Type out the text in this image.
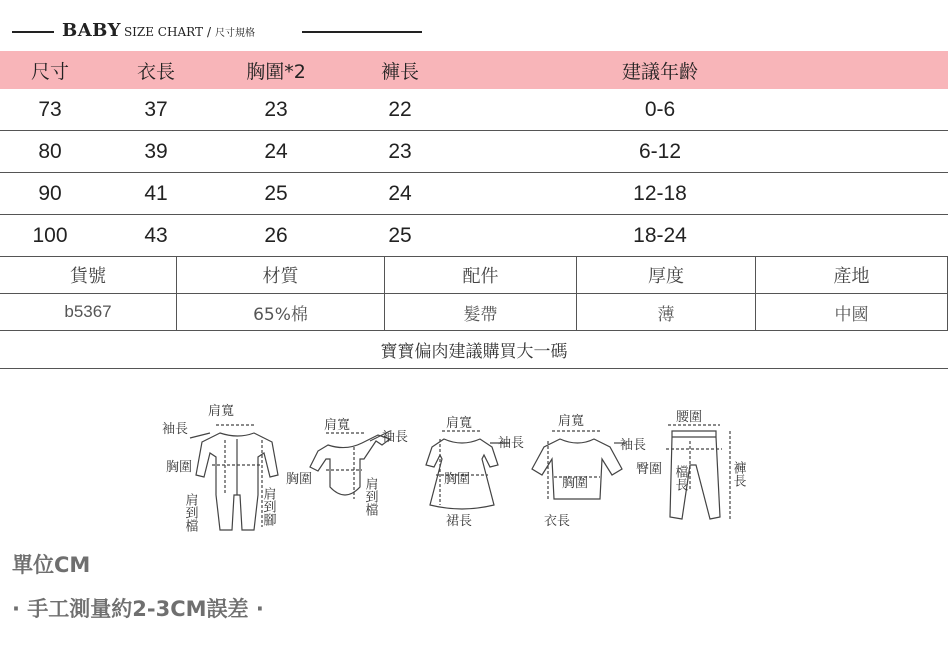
BABY SIZE CHART / 尺寸規格
尺寸	衣長	胸圍*2	褲長	建議年齡
73	37	23	22	0-6
80	39	24	23	6-12
90	41	25	24	12-18
100	43	26	25	18-24
貨號	材質	配件	厚度	產地
b5367	65%棉	髮帶	薄	中國
寶寶偏肉建議購買大一碼
肩寬
袖長
胸圍
肩到檔	肩到腳
肩寬
袖長
胸圍	肩到檔
肩寬
袖長
胸圍
裙長
肩寬
袖長
胸圍
衣長
腰圍
臀圍 檔長	褲長
單位CM
· 手工測量約2-3CM誤差 ·
